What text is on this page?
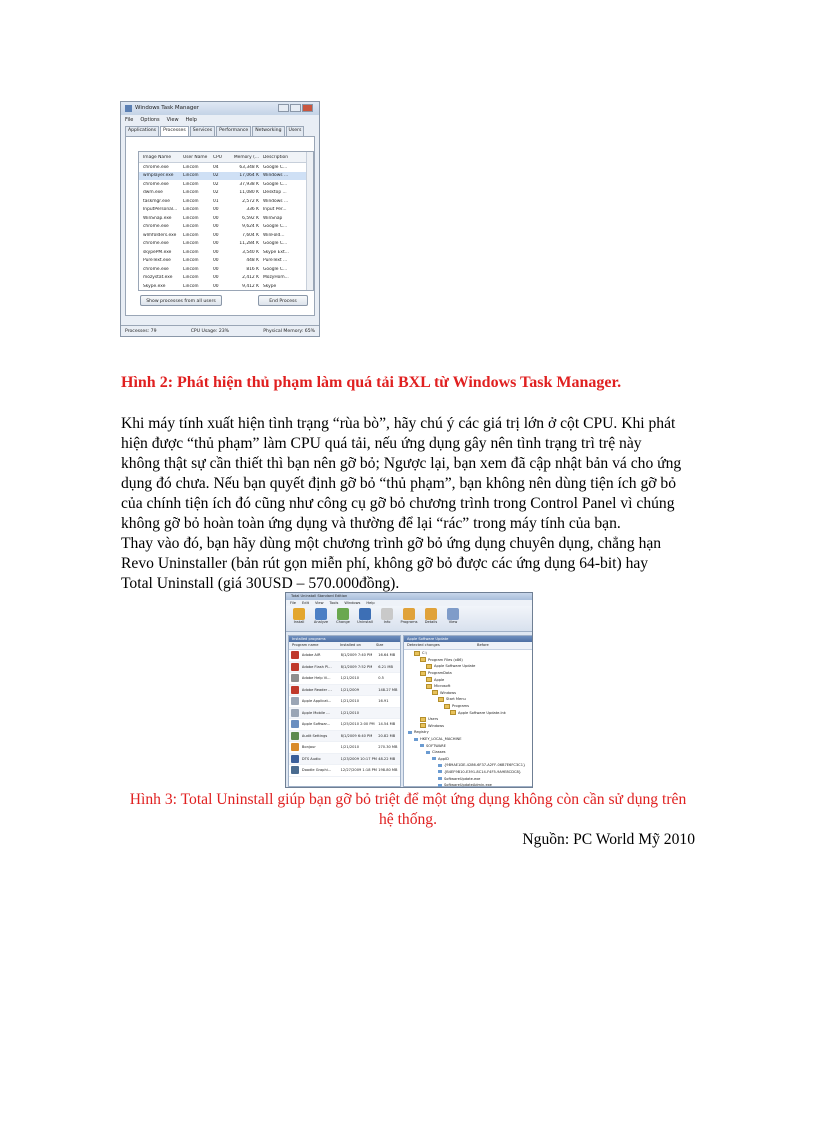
Windows Task Manager
File Options View Help
Applications	Processes	Services	Performance	Networking	Users
Image Name	User Name	CPU	Memory (... Description
chrome.exe	Lincoln	04	63,348 K Google C...
wmplayer.exe	Lincoln	02	17,064 K Windows ...
chrome.exe	Lincoln	02	37,938 K Google C...
dwm.exe	Lincoln	02	11,080 K Desktop ...
taskmgr.exe	Lincoln	01	2,572 K Windows ...
InputPersonal...	Lincoln	00	336 K Input Per...
WinSnap.exe	Lincoln	00	6,592 K WinSnap
chrome.exe	Lincoln	00	9,624 K Google C...
wlmfolders.exe	Lincoln	00	7,604 K WinFold...
chrome.exe	Lincoln	00	11,284 K Google C...
skypePM.exe	Lincoln	00	3,540 K Skype Ext...
PureText.exe	Lincoln	00	448 K PureText ...
chrome.exe	Lincoln	00	816 K Google C...
mozystat.exe	Lincoln	00	2,412 K MozyHom...
Skype.exe	Lincoln	00	9,412 K Skype
Show processes from all users	End Process
Processes: 79	CPU Usage: 23%	Physical Memory: 65%
Hình 2: Phát hiện thủ phạm làm quá tải BXL từ Windows Task Manager.

Khi máy tính xuất hiện tình trạng “rùa bò”, hãy chú ý các giá trị lớn ở cột CPU. Khi phát

hiện được “thủ phạm” làm CPU quá tải, nếu ứng dụng gây nên tình trạng trì trệ này

không thật sự cần thiết thì bạn nên gỡ bỏ; Ngược lại, bạn xem đã cập nhật bản vá cho ứng

dụng đó chưa. Nếu bạn quyết định gỡ bỏ “thủ phạm”, bạn không nên dùng tiện ích gỡ bỏ

của chính tiện ích đó cũng như công cụ gỡ bỏ chương trình trong Control Panel vì chúng

không gỡ bỏ hoàn toàn ứng dụng và thường để lại “rác” trong máy tính của bạn.

Thay vào đó, bạn hãy dùng một chương trình gỡ bỏ ứng dụng chuyên dụng, chẳng hạn

Revo Uninstaller (bản rút gọn miễn phí, không gỡ bỏ được các ứng dụng 64-bit) hay

Total Uninstall (giá 30USD – 570.000đồng).

Total Uninstall Standard Edition
File Edit View Tools Windows Help
Install	Analyze Change Uninstall	Info	Programs Details	View
Installed programs
Program name	Installed on	Size
Adobe AIR	8/1/2009 7:40 PM	16.64 MB
Adobe Flash Pl...	8/1/2009 7:52 PM	6.21 MB
Adobe Help Vi...	1/21/2010	0.5
Adobe Reader ...	1/21/2009	148.27 MB
Apple Applicat...	1/21/2010	16.91
Apple Mobile ...	1/21/2010
Apple Softwar...	1/25/2010 2:00 PM 14.54 MB
Audit Settings	8/1/2009 6:40 PM	20.82 MB
Bonjour	1/21/2010	270.30 MB
DTS Audio	1/23/2009 10:17 PM 48.22 MB
Doodle Graphi...	12/27/2009 1:18 PM 198.80 MB
Apple Software Update
Detected changes	Before
C:\
Program Files (x86)
Apple Software Update
ProgramData
Apple
Microsoft
Windows
Start Menu
Programs
Apple Software Update.lnk
Users
Windows
Registry
HKEY_LOCAL_MACHINE
SOFTWARE
Classes
AppID
{9B9AE1DE-4286-6F37-A2FF-06B7E6FC3C1}
{B4EF9B10-E391-8C14-F4F5-9A9E8CDC8}
SoftwareUpdate.exe
SoftwareUpdateAdmin.exe
Hình 3: Total Uninstall giúp bạn gỡ bỏ triệt để một ứng dụng không còn cần sử dụng trên
hệ thống.
Nguồn: PC World Mỹ 2010
